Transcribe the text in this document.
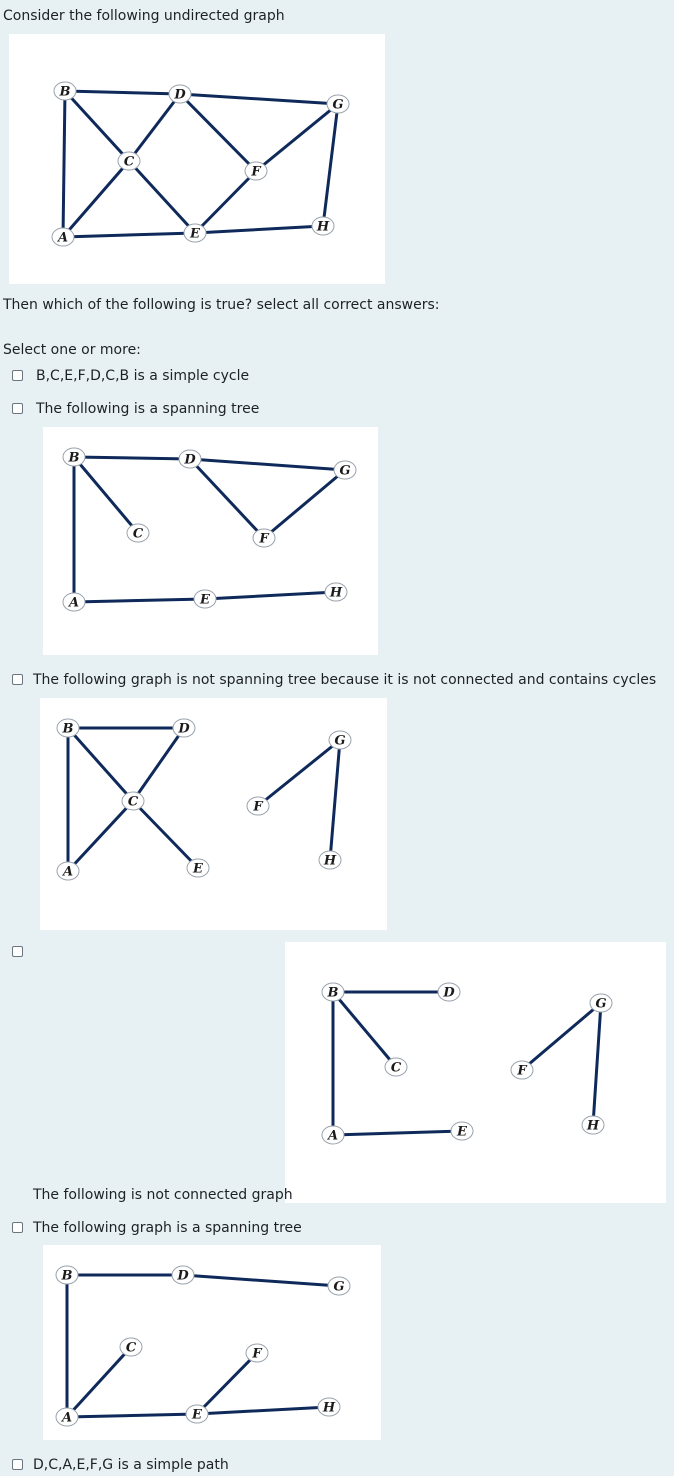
Consider the following undirected graph
A
B
C
D
E
F
G
H
Then which of the following is true? select all correct answers:
Select one or more:
B,C,E,F,D,C,B is a simple cycle
The following is a spanning tree
A
B
C
D
E
F
G
H
The following graph is not spanning tree because it is not connected and contains cycles
A
B
C
D
E
F
G
H
A
B
C
D
E
F
G
H
The following is not connected graph
The following graph is a spanning tree
A
B
C
D
E
F
G
H
D,C,A,E,F,G is a simple path
